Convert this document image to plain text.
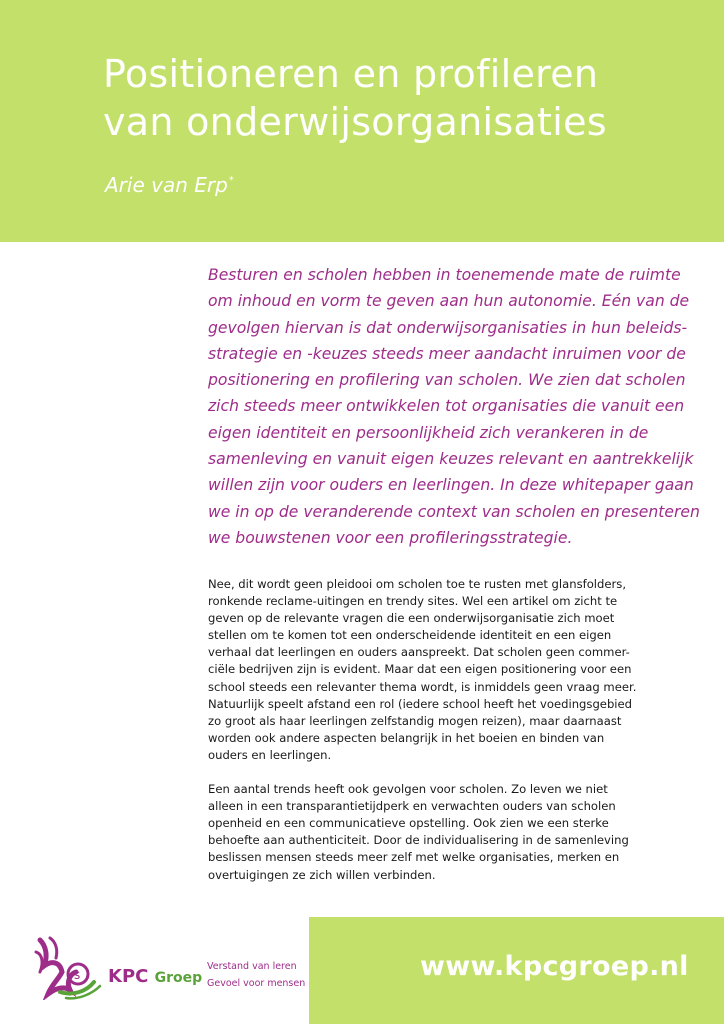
Positioneren en profileren
van onderwijsorganisaties
Arie van Erp*
Besturen en scholen hebben in toenemende mate de ruimte
om inhoud en vorm te geven aan hun autonomie. Eén van de
gevolgen hiervan is dat onderwijsorganisaties in hun beleids-
strategie en -keuzes steeds meer aandacht inruimen voor de
positionering en profilering van scholen. We zien dat scholen
zich steeds meer ontwikkelen tot organisaties die vanuit een
eigen identiteit en persoonlijkheid zich verankeren in de
samenleving en vanuit eigen keuzes relevant en aantrekkelijk
willen zijn voor ouders en leerlingen. In deze whitepaper gaan
we in op de veranderende context van scholen en presenteren
we bouwstenen voor een profileringsstrategie.
Nee, dit wordt geen pleidooi om scholen toe te rusten met glansfolders,
ronkende reclame-uitingen en trendy sites. Wel een artikel om zicht te
geven op de relevante vragen die een onderwijsorganisatie zich moet
stellen om te komen tot een onderscheidende identiteit en een eigen
verhaal dat leerlingen en ouders aanspreekt. Dat scholen geen commer-
ciële bedrijven zijn is evident. Maar dat een eigen positionering voor een
school steeds een relevanter thema wordt, is inmiddels geen vraag meer.
Natuurlijk speelt afstand een rol (iedere school heeft het voedingsgebied
zo groot als haar leerlingen zelfstandig mogen reizen), maar daarnaast
worden ook andere aspecten belangrijk in het boeien en binden van
ouders en leerlingen.
Een aantal trends heeft ook gevolgen voor scholen. Zo leven we niet
alleen in een transparantietijdperk en verwachten ouders van scholen
openheid en een communicatieve opstelling. Ook zien we een sterke
behoefte aan authenticiteit. Door de individualisering in de samenleving
beslissen mensen steeds meer zelf met welke organisaties, merken en
overtuigingen ze zich willen verbinden.
s KPC Groep
Verstand van leren
Gevoel voor mensen
www.kpcgroep.nl
